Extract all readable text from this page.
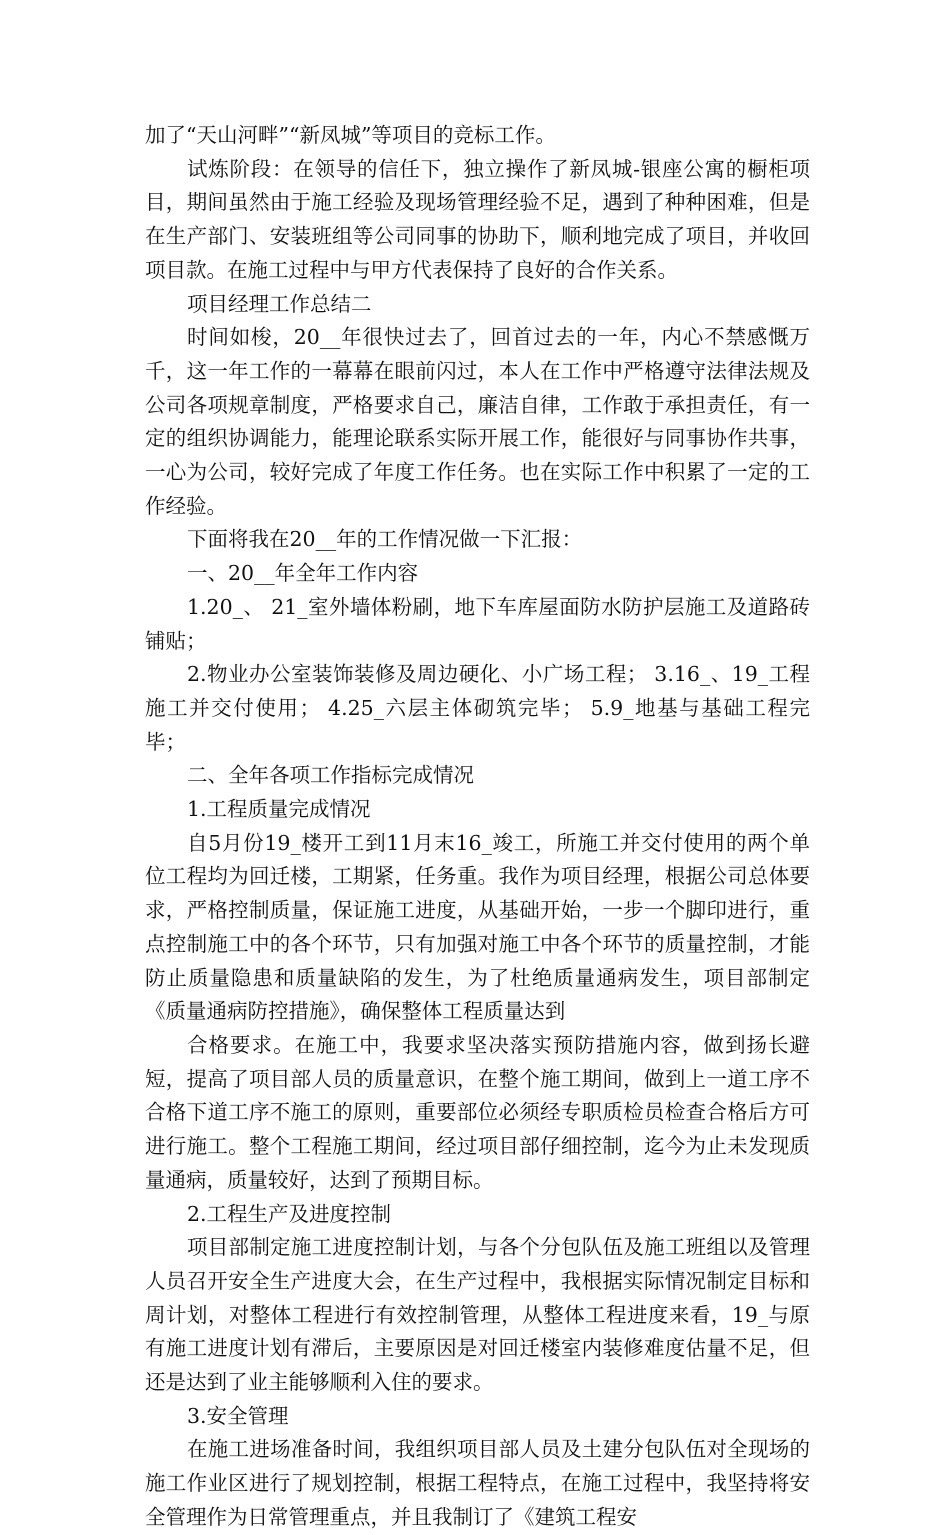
加了“天山河畔”“新凤城”等项目的竞标工作。

试炼阶段：在领导的信任下，独立操作了新凤城-银座公寓的橱柜项目，期间虽然由于施工经验及现场管理经验不足，遇到了种种困难，但是在生产部门、安装班组等公司同事的协助下，顺利地完成了项目，并收回项目款。在施工过程中与甲方代表保持了良好的合作关系。

项目经理工作总结二

时间如梭，20__年很快过去了，回首过去的一年，内心不禁感慨万千，这一年工作的一幕幕在眼前闪过，本人在工作中严格遵守法律法规及公司各项规章制度，严格要求自己，廉洁自律，工作敢于承担责任，有一定的组织协调能力，能理论联系实际开展工作，能很好与同事协作共事，一心为公司，较好完成了年度工作任务。也在实际工作中积累了一定的工作经验。

下面将我在20__年的工作情况做一下汇报：

一、20__年全年工作内容

1.20_、 21_室外墙体粉刷，地下车库屋面防水防护层施工及道路砖铺贴；

2.物业办公室装饰装修及周边硬化、小广场工程； 3.16_、19_工程施工并交付使用； 4.25_六层主体砌筑完毕； 5.9_地基与基础工程完毕；

二、全年各项工作指标完成情况

1.工程质量完成情况

自5月份19_楼开工到11月末16_竣工，所施工并交付使用的两个单位工程均为回迁楼，工期紧，任务重。我作为项目经理，根据公司总体要求，严格控制质量，保证施工进度，从基础开始，一步一个脚印进行，重点控制施工中的各个环节，只有加强对施工中各个环节的质量控制，才能防止质量隐患和质量缺陷的发生，为了杜绝质量通病发生，项目部制定《质量通病防控措施》，确保整体工程质量达到

合格要求。在施工中，我要求坚决落实预防措施内容，做到扬长避短，提高了项目部人员的质量意识，在整个施工期间，做到上一道工序不合格下道工序不施工的原则，重要部位必须经专职质检员检查合格后方可进行施工。整个工程施工期间，经过项目部仔细控制，迄今为止未发现质量通病，质量较好，达到了预期目标。

2.工程生产及进度控制

项目部制定施工进度控制计划，与各个分包队伍及施工班组以及管理人员召开安全生产进度大会，在生产过程中，我根据实际情况制定目标和周计划，对整体工程进行有效控制管理，从整体工程进度来看，19_与原有施工进度计划有滞后，主要原因是对回迁楼室内装修难度估量不足，但还是达到了业主能够顺利入住的要求。

3.安全管理

在施工进场准备时间，我组织项目部人员及土建分包队伍对全现场的施工作业区进行了规划控制，根据工程特点，在施工过程中，我坚持将安全管理作为日常管理重点，并且我制订了《建筑工程安
